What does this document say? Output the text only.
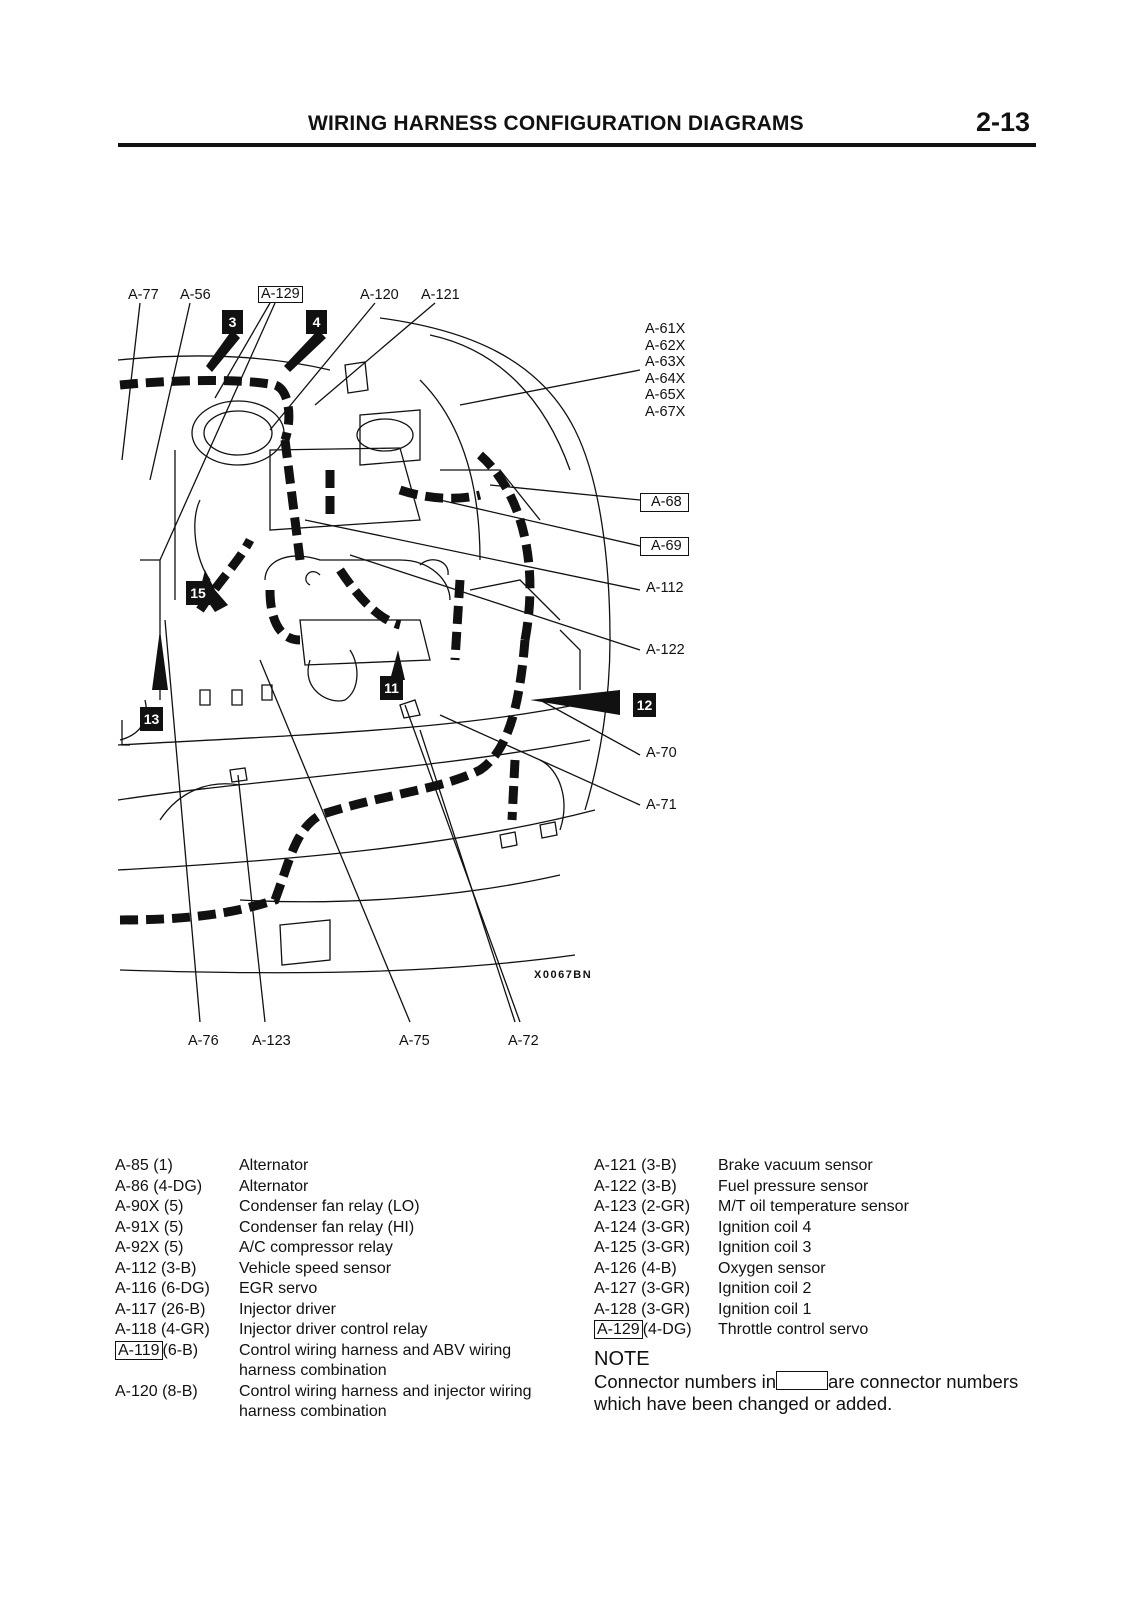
WIRING HARNESS CONFIGURATION DIAGRAMS	2-13
A-77 A-56	A-129	A-120 A-121
A-61X
A-62X
A-63X
A-64X
A-65X
A-67X
A-68
A-69
A-112
A-122
A-70
A-71
A-76 A-123	A-75	A-72
3	4
15
13
11
12
X0067BN
A-85 (1)	Alternator
A-86 (4-DG)	Alternator
A-90X (5)	Condenser fan relay (LO)
A-91X (5)	Condenser fan relay (HI)
A-92X (5)	A/C compressor relay
A-112 (3-B)	Vehicle speed sensor
A-116 (6-DG)	EGR servo
A-117 (26-B)	Injector driver
A-118 (4-GR)	Injector driver control relay
A-119 (6-B)	Control wiring harness and ABV wiring harness combination
A-120 (8-B)	Control wiring harness and injector wiring harness combination
A-121 (3-B)	Brake vacuum sensor
A-122 (3-B)	Fuel pressure sensor
A-123 (2-GR)	M/T oil temperature sensor
A-124 (3-GR)	Ignition coil 4
A-125 (3-GR)	Ignition coil 3
A-126 (4-B)	Oxygen sensor
A-127 (3-GR)	Ignition coil 2
A-128 (3-GR)	Ignition coil 1
A-129 (4-DG)	Throttle control servo
NOTE
Connector numbers in	are connector numbers which have been changed or added.
